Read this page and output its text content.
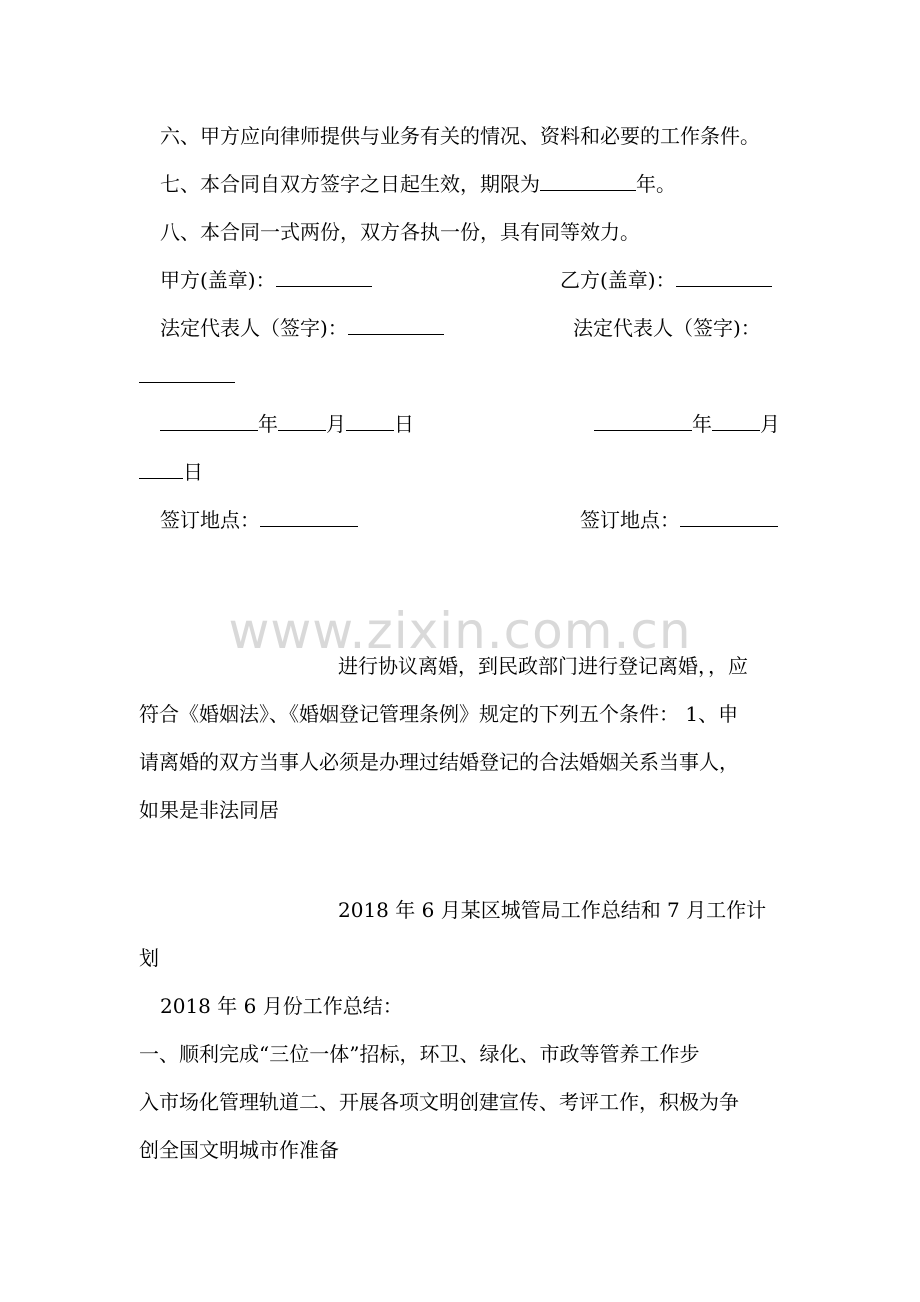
六、甲方应向律师提供与业务有关的情况、资料和必要的工作条件。
七、本合同自双方签字之日起生效，期限为	年。
八、本合同一式两份，双方各执一份，具有同等效力。
甲方(盖章)：	乙方(盖章)：
法定代表人（签字)：	法定代表人（签字)：
年 月 日	年 月
日
签订地点：	签订地点：
www.zixin.com.cn
进行协议离婚，到民政部门进行登记离婚，，应
符合《婚姻法》、《婚姻登记管理条例》规定的下列五个条件： 1、申
请离婚的双方当事人必须是办理过结婚登记的合法婚姻关系当事人，
如果是非法同居
2018 年 6 月某区城管局工作总结和 7 月工作计
划
2018 年 6 月份工作总结：
一、顺利完成“三位一体”招标，环卫、绿化、市政等管养工作步
入市场化管理轨道二、开展各项文明创建宣传、考评工作，积极为争
创全国文明城市作准备
